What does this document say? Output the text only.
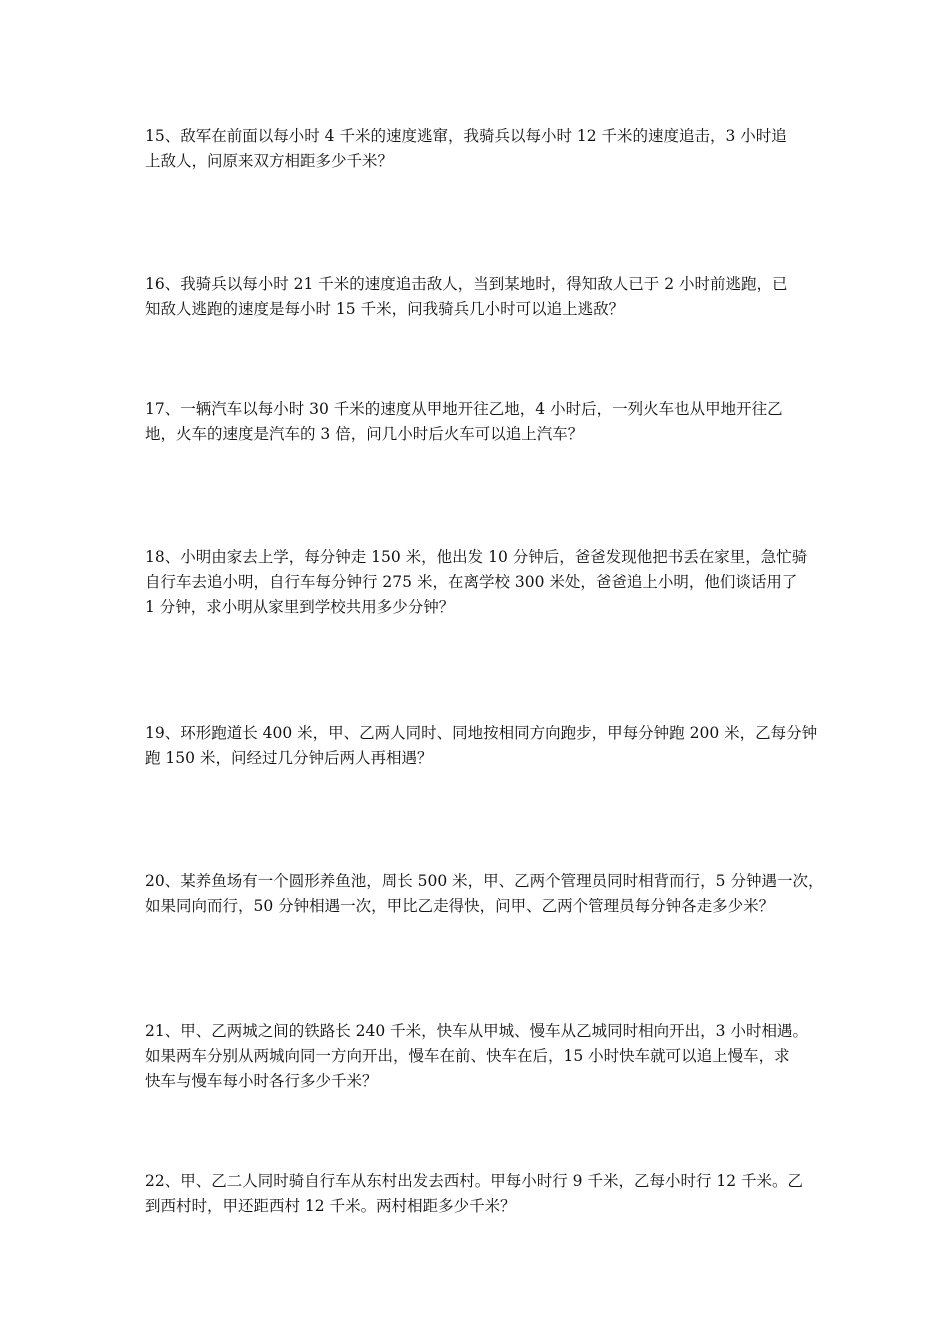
15、敌军在前面以每小时 4 千米的速度逃窜，我骑兵以每小时 12 千米的速度追击，3 小时追
上敌人，问原来双方相距多少千米？

16、我骑兵以每小时 21 千米的速度追击敌人，当到某地时，得知敌人已于 2 小时前逃跑，已
知敌人逃跑的速度是每小时 15 千米，问我骑兵几小时可以追上逃敌？

17、一辆汽车以每小时 30 千米的速度从甲地开往乙地，4 小时后，一列火车也从甲地开往乙
地，火车的速度是汽车的 3 倍，问几小时后火车可以追上汽车？

18、小明由家去上学，每分钟走 150 米，他出发 10 分钟后，爸爸发现他把书丢在家里，急忙骑
自行车去追小明，自行车每分钟行 275 米，在离学校 300 米处，爸爸追上小明，他们谈话用了
1 分钟，求小明从家里到学校共用多少分钟？

19、环形跑道长 400 米，甲、乙两人同时、同地按相同方向跑步，甲每分钟跑 200 米，乙每分钟
跑 150 米，问经过几分钟后两人再相遇？

20、某养鱼场有一个圆形养鱼池，周长 500 米，甲、乙两个管理员同时相背而行，5 分钟遇一次，
如果同向而行，50 分钟相遇一次，甲比乙走得快，问甲、乙两个管理员每分钟各走多少米？

21、甲、乙两城之间的铁路长 240 千米，快车从甲城、慢车从乙城同时相向开出，3 小时相遇。
如果两车分别从两城向同一方向开出，慢车在前、快车在后，15 小时快车就可以追上慢车，求
快车与慢车每小时各行多少千米？

22、甲、乙二人同时骑自行车从东村出发去西村。甲每小时行 9 千米，乙每小时行 12 千米。乙
到西村时，甲还距西村 12 千米。两村相距多少千米？
